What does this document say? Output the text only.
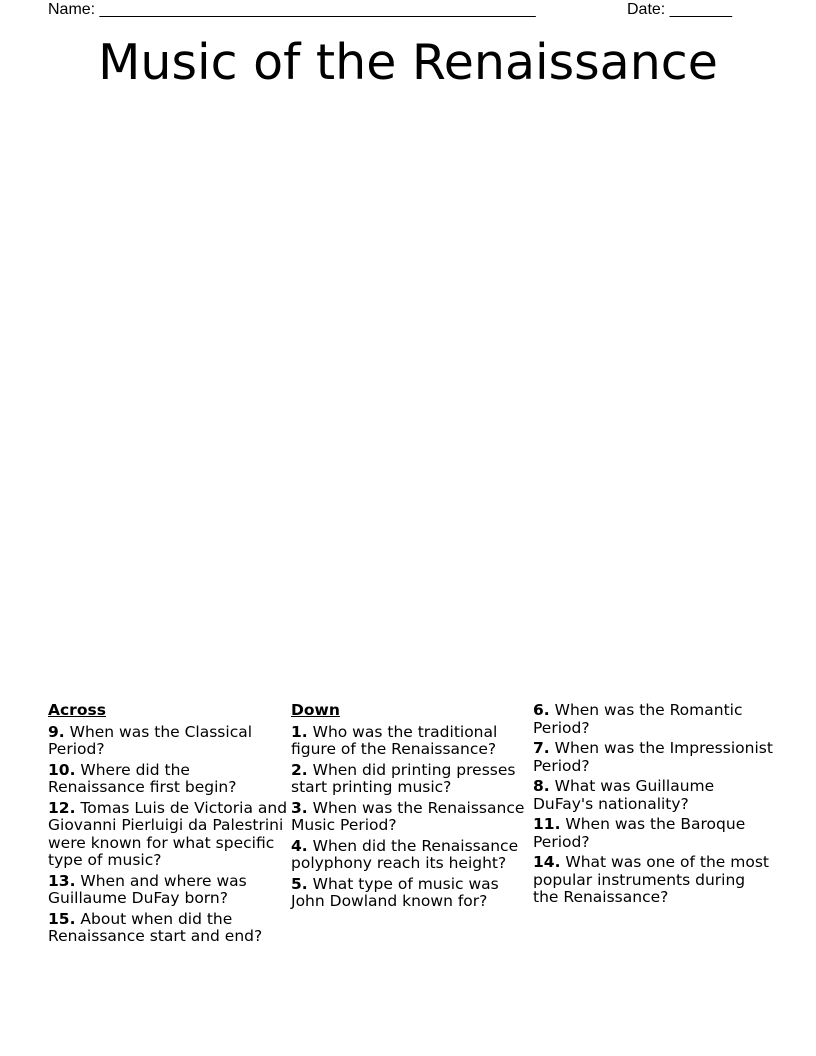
Name: _________________________________________________	Date: _______
Music of the Renaissance
Across
9. When was the Classical Period?
10. Where did the Renaissance first begin?
12. Tomas Luis de Victoria and Giovanni Pierluigi da Palestrini were known for what specific type of music?
13. When and where was Guillaume DuFay born?
15. About when did the Renaissance start and end?
Down
1. Who was the traditional figure of the Renaissance?
2. When did printing presses start printing music?
3. When was the Renaissance Music Period?
4. When did the Renaissance polyphony reach its height?
5. What type of music was John Dowland known for?
6. When was the Romantic Period?
7. When was the Impressionist Period?
8. What was Guillaume DuFay's nationality?
11. When was the Baroque Period?
14. What was one of the most popular instruments during the Renaissance?
